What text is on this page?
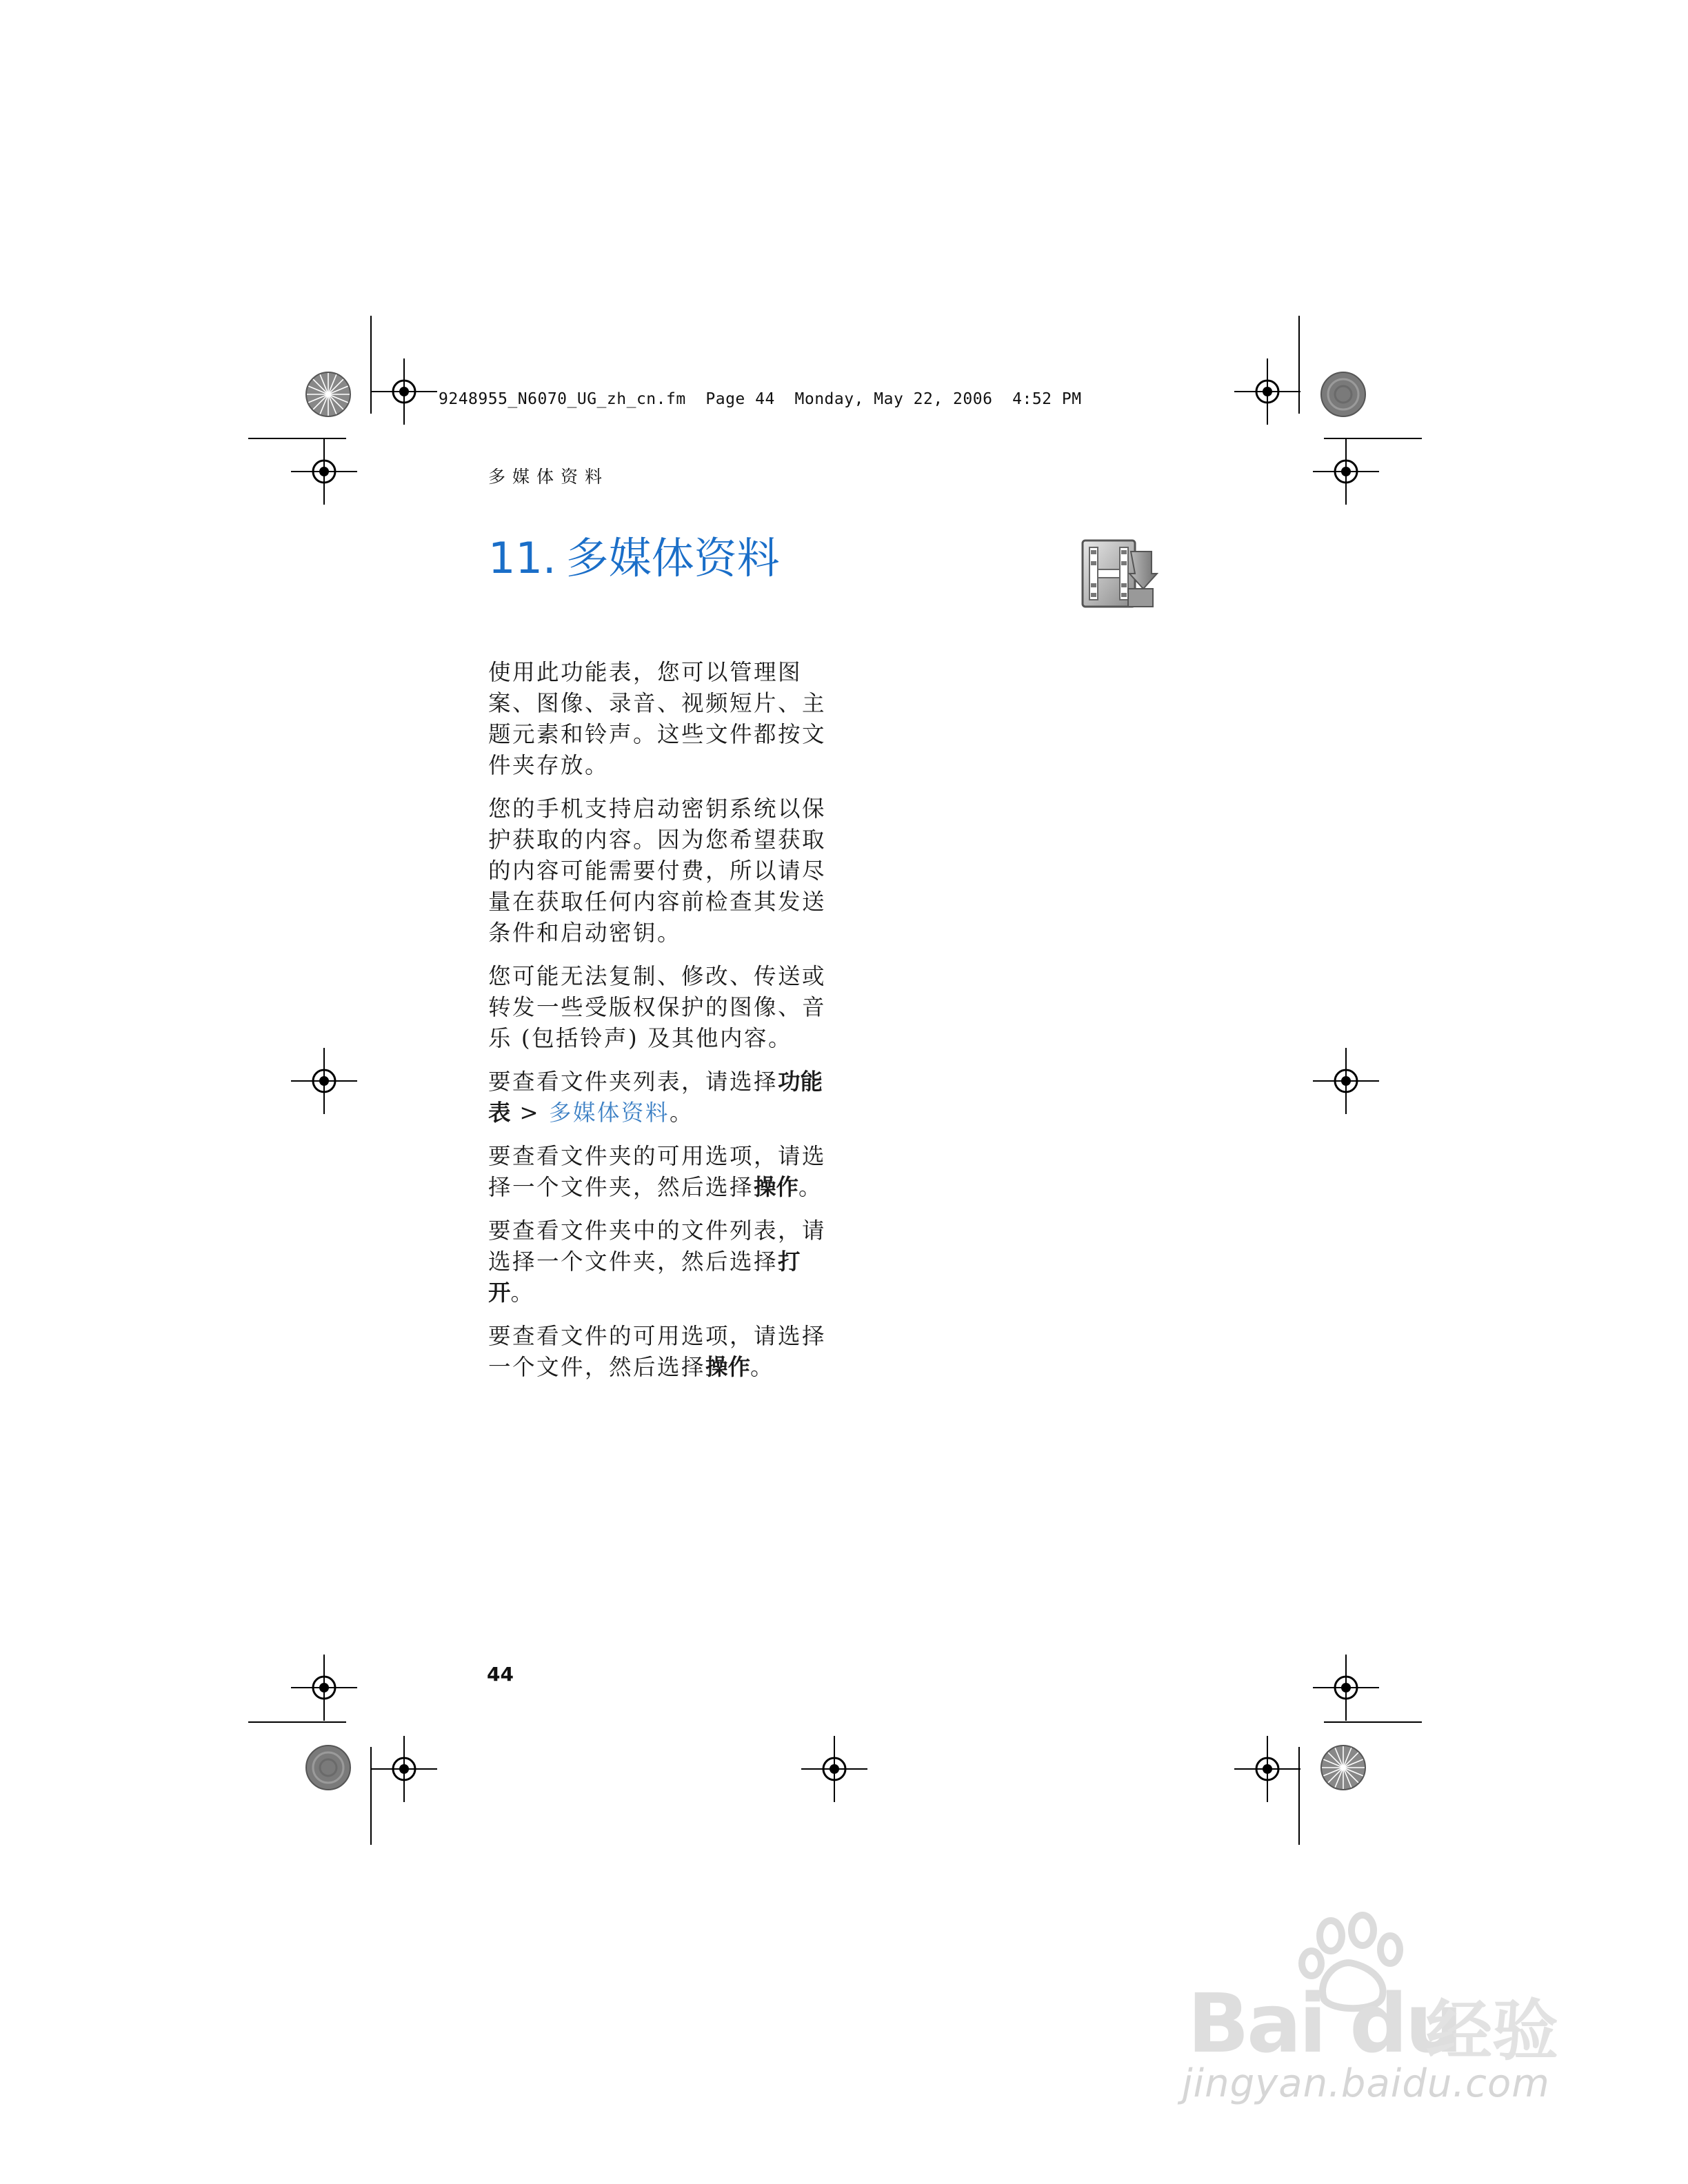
9248955_N6070_UG_zh_cn.fm  Page 44  Monday, May 22, 2006  4:52 PM
多媒体资料
11. 多媒体资料

使用此功能表，您可以管理图案、图像、录音、视频短片、主题元素和铃声。这些文件都按文件夹存放。

您的手机支持启动密钥系统以保护获取的内容。因为您希望获取的内容可能需要付费，所以请尽量在获取任何内容前检查其发送条件和启动密钥。

您可能无法复制、修改、传送或转发一些受版权保护的图像、音乐 (包括铃声) 及其他内容。

要查看文件夹列表，请选择功能表 > 多媒体资料。

要查看文件夹的可用选项，请选择一个文件夹，然后选择操作。

要查看文件夹中的文件列表，请选择一个文件夹，然后选择打开。

要查看文件的可用选项，请选择一个文件，然后选择操作。

44
Bai du
经验
jingyan.baidu.com
